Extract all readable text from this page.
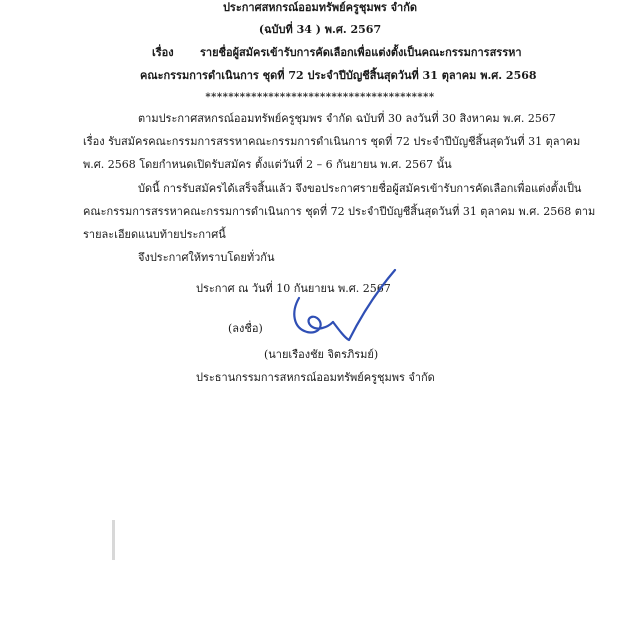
ประกาศสหกรณ์ออมทรัพย์ครูชุมพร จำกัด
(ฉบับที่ 34 ) พ.ศ. 2567
เรื่อง รายชื่อผู้สมัครเข้ารับการคัดเลือกเพื่อแต่งตั้งเป็นคณะกรรมการสรรหา
คณะกรรมการดำเนินการ ชุดที่ 72 ประจำปีบัญชีสิ้นสุดวันที่ 31 ตุลาคม พ.ศ. 2568
****************************************
ตามประกาศสหกรณ์ออมทรัพย์ครูชุมพร จำกัด ฉบับที่ 30 ลงวันที่ 30 สิงหาคม พ.ศ. 2567
เรื่อง รับสมัครคณะกรรมการสรรหาคณะกรรมการดำเนินการ ชุดที่ 72 ประจำปีบัญชีสิ้นสุดวันที่ 31 ตุลาคม
พ.ศ. 2568 โดยกำหนดเปิดรับสมัคร ตั้งแต่วันที่ 2 – 6 กันยายน พ.ศ. 2567 นั้น
บัดนี้ การรับสมัครได้เสร็จสิ้นแล้ว จึงขอประกาศรายชื่อผู้สมัครเข้ารับการคัดเลือกเพื่อแต่งตั้งเป็น
คณะกรรมการสรรหาคณะกรรมการดำเนินการ ชุดที่ 72 ประจำปีบัญชีสิ้นสุดวันที่ 31 ตุลาคม พ.ศ. 2568 ตาม
รายละเอียดแนบท้ายประกาศนี้
จึงประกาศให้ทราบโดยทั่วกัน
ประกาศ ณ วันที่ 10 กันยายน พ.ศ. 2567
(ลงชื่อ)
(นายเรืองชัย จิตรภิรมย์)
ประธานกรรมการสหกรณ์ออมทรัพย์ครูชุมพร จำกัด
